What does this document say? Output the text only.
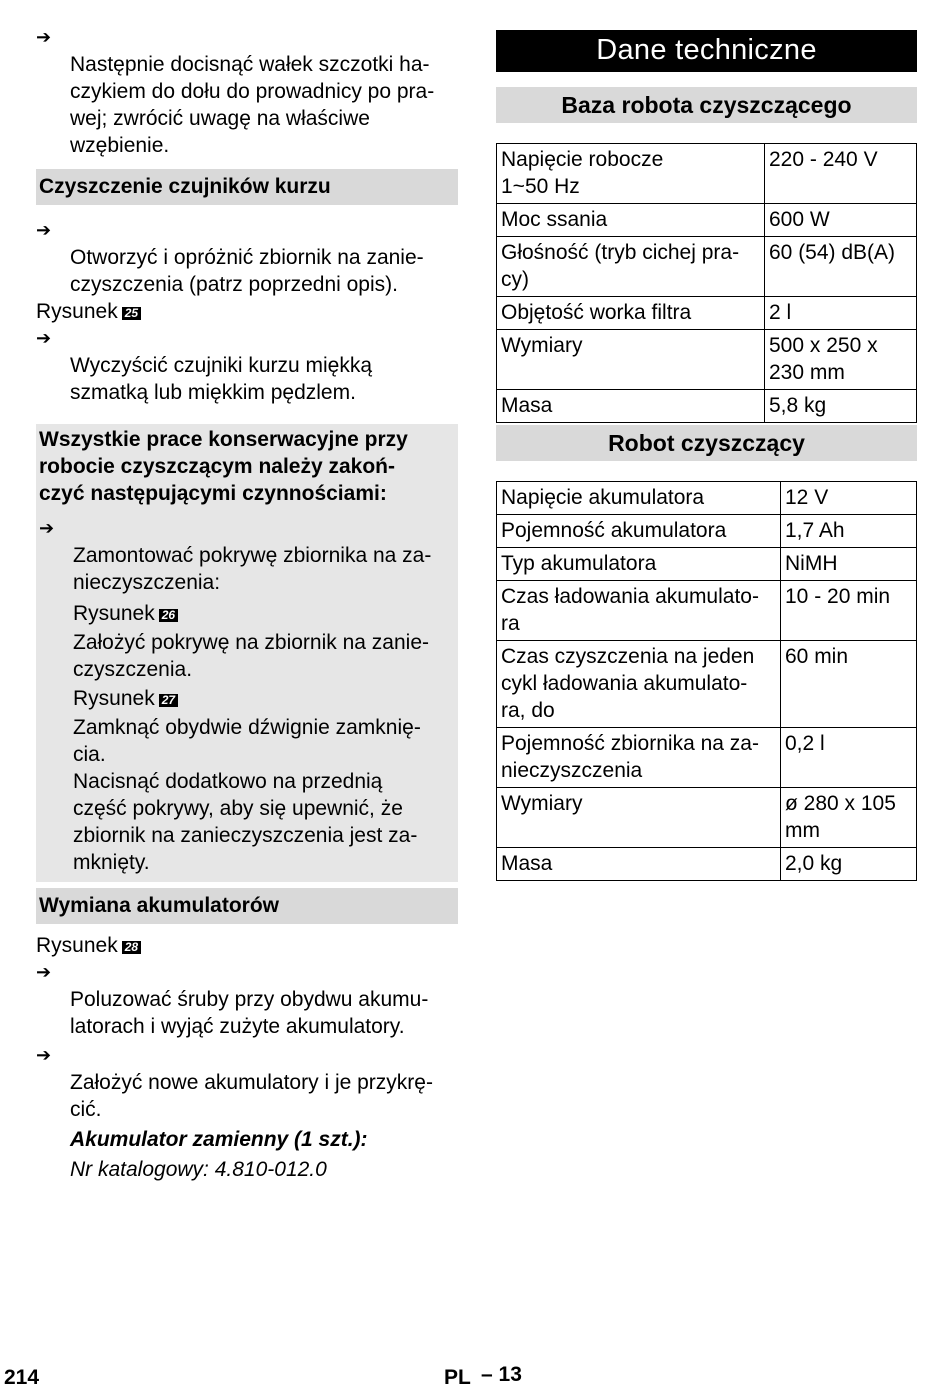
➔
Następnie docisnąć wałek szczotki ha-
czykiem do dołu do prowadnicy po pra-
wej; zwrócić uwagę na właściwe
wzębienie.

Czyszczenie czujników kurzu

➔
Otworzyć i opróżnić zbiornik na zanie-
czyszczenia (patrz poprzedni opis).

Rysunek 25

➔
Wyczyścić czujniki kurzu miękką
szmatką lub miękkim pędzlem.

Wszystkie prace konserwacyjne przy
robocie czyszczącym należy zakoń-
czyć następującymi czynnościami:

➔
Zamontować pokrywę zbiornika na za-
nieczyszczenia:

Rysunek 26
Założyć pokrywę na zbiornik na zanie-
czyszczenia.
Rysunek 27
Zamknąć obydwie dźwignie zamknię-
cia.
Nacisnąć dodatkowo na przednią
część pokrywy, aby się upewnić, że
zbiornik na zanieczyszczenia jest za-
mknięty.
Wymiana akumulatorów
Rysunek 28

➔
Poluzować śruby przy obydwu akumu-
latorach i wyjąć zużyte akumulatory.

➔
Założyć nowe akumulatory i je przykrę-
cić.

Akumulator zamienny (1 szt.):
Nr katalogowy: 4.810-012.0
Dane techniczne
Baza robota czyszczącego
Napięcie robocze
1~50 Hz	220 - 240 V
Moc ssania	600 W
Głośność (tryb cichej pra-
cy)	60 (54) dB(A)
Objętość worka filtra	2 l
Wymiary	500 x 250 x
230 mm
Masa	5,8 kg
Robot czyszczący
Napięcie akumulatora	12 V
Pojemność akumulatora	1,7 Ah
Typ akumulatora	NiMH
Czas ładowania akumulato-
ra	10 - 20 min
Czas czyszczenia na jeden
cykl ładowania akumulato-
ra, do	60 min
Pojemność zbiornika na za-
nieczyszczenia	0,2 l
Wymiary	ø 280 x 105
mm
Masa	2,0 kg
214	PL – 13
